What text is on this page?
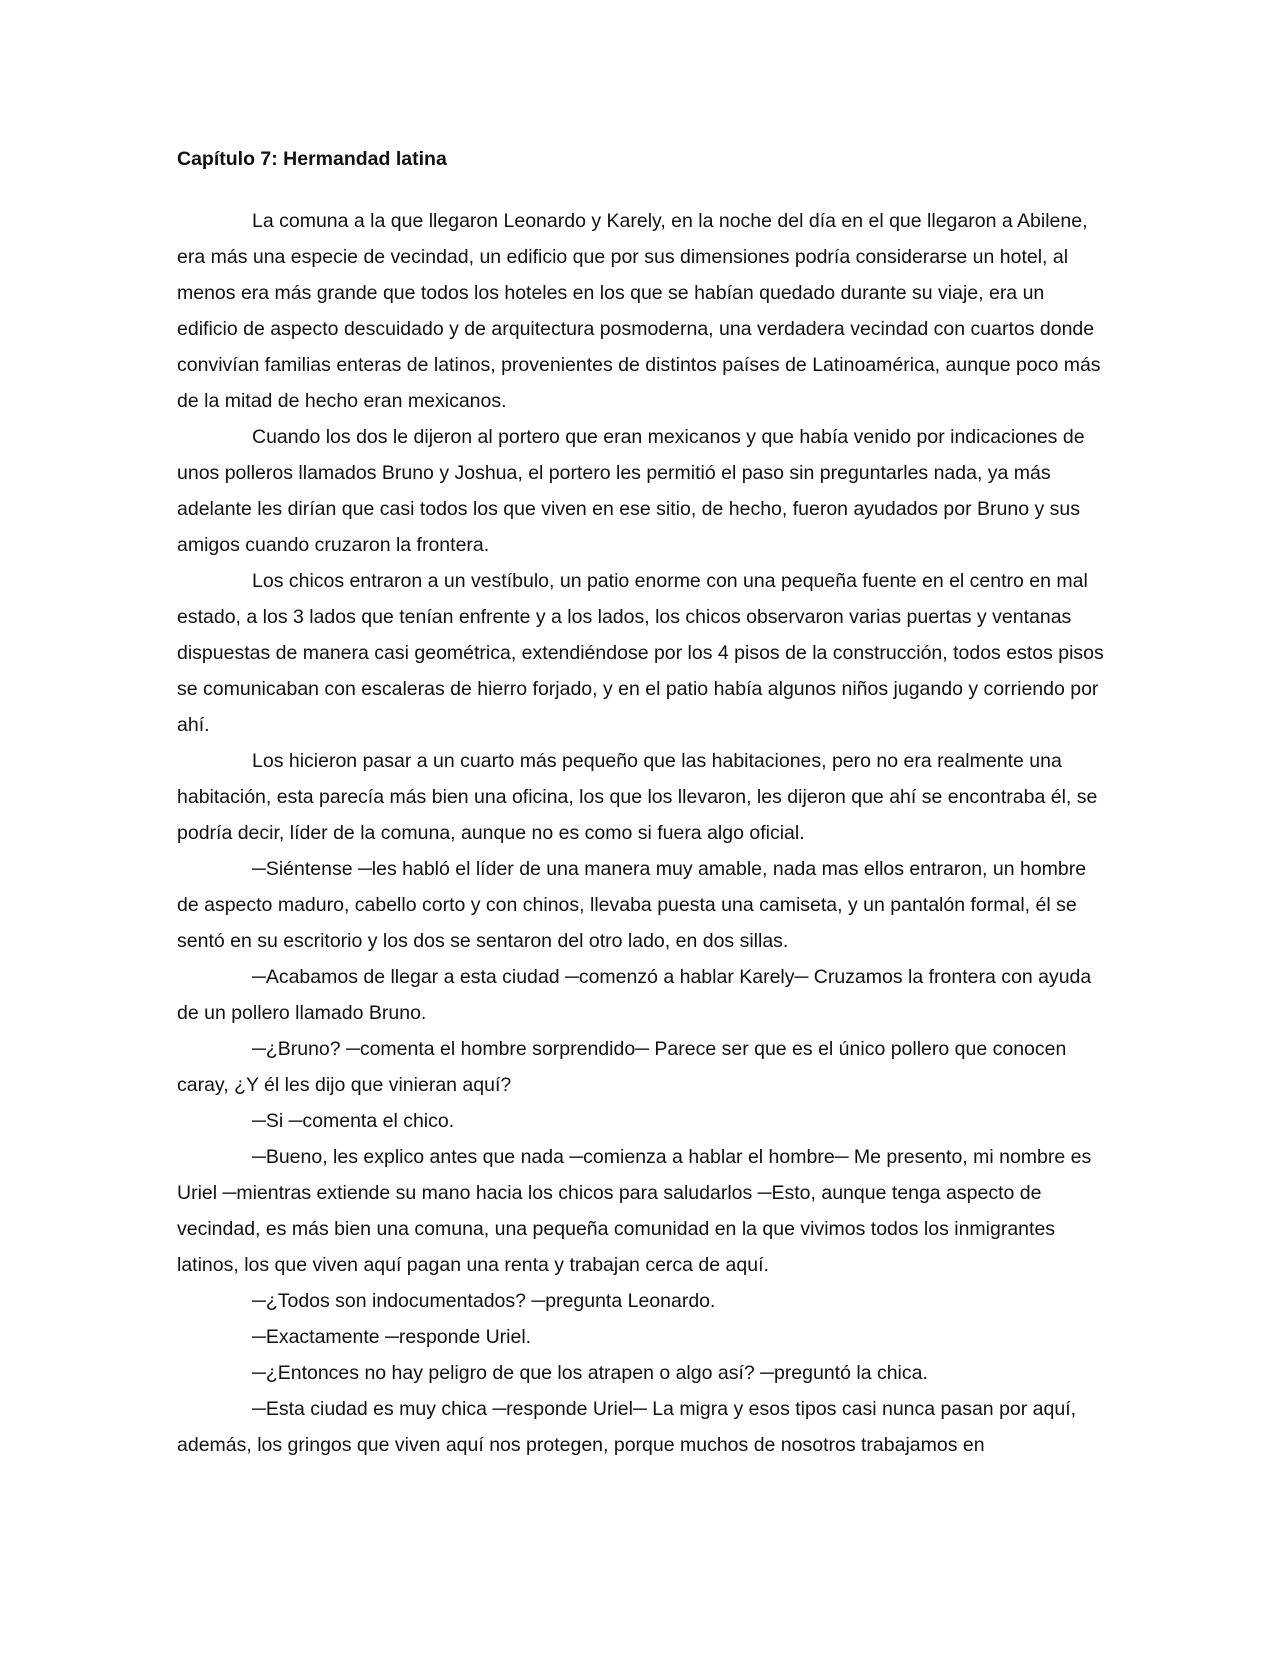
Capítulo 7: Hermandad latina

La comuna a la que llegaron Leonardo y Karely, en la noche del día en el que llegaron a Abilene, era más una especie de vecindad, un edificio que por sus dimensiones podría considerarse un hotel, al menos era más grande que todos los hoteles en los que se habían quedado durante su viaje, era un edificio de aspecto descuidado y de arquitectura posmoderna, una verdadera vecindad con cuartos donde convivían familias enteras de latinos, provenientes de distintos países de Latinoamérica, aunque poco más de la mitad de hecho eran mexicanos.

Cuando los dos le dijeron al portero que eran mexicanos y que había venido por indicaciones de unos polleros llamados Bruno y Joshua, el portero les permitió el paso sin preguntarles nada, ya más adelante les dirían que casi todos los que viven en ese sitio, de hecho, fueron ayudados por Bruno y sus amigos cuando cruzaron la frontera.

Los chicos entraron a un vestíbulo, un patio enorme con una pequeña fuente en el centro en mal estado, a los 3 lados que tenían enfrente y a los lados, los chicos observaron varias puertas y ventanas dispuestas de manera casi geométrica, extendiéndose por los 4 pisos de la construcción, todos estos pisos se comunicaban con escaleras de hierro forjado, y en el patio había algunos niños jugando y corriendo por ahí.

Los hicieron pasar a un cuarto más pequeño que las habitaciones, pero no era realmente una habitación, esta parecía más bien una oficina, los que los llevaron, les dijeron que ahí se encontraba él, se podría decir, líder de la comuna, aunque no es como si fuera algo oficial.

─Siéntense ─les habló el líder de una manera muy amable, nada mas ellos entraron, un hombre de aspecto maduro, cabello corto y con chinos, llevaba puesta una camiseta, y un pantalón formal, él se sentó en su escritorio y los dos se sentaron del otro lado, en dos sillas.

─Acabamos de llegar a esta ciudad ─comenzó a hablar Karely─ Cruzamos la frontera con ayuda de un pollero llamado Bruno.

─¿Bruno? ─comenta el hombre sorprendido─ Parece ser que es el único pollero que conocen caray, ¿Y él les dijo que vinieran aquí?

─Si ─comenta el chico.

─Bueno, les explico antes que nada ─comienza a hablar el hombre─ Me presento, mi nombre es Uriel ─mientras extiende su mano hacia los chicos para saludarlos ─Esto, aunque tenga aspecto de vecindad, es más bien una comuna, una pequeña comunidad en la que vivimos todos los inmigrantes latinos, los que viven aquí pagan una renta y trabajan cerca de aquí.

─¿Todos son indocumentados? ─pregunta Leonardo.

─Exactamente ─responde Uriel.

─¿Entonces no hay peligro de que los atrapen o algo así? ─preguntó la chica.

─Esta ciudad es muy chica ─responde Uriel─ La migra y esos tipos casi nunca pasan por aquí, además, los gringos que viven aquí nos protegen, porque muchos de nosotros trabajamos en
